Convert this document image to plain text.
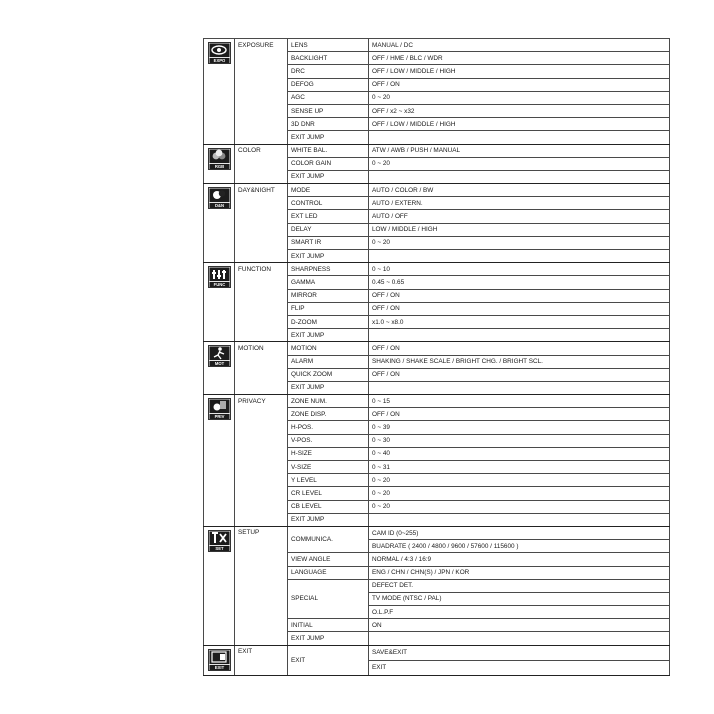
EXPO	EXPOSURE	LENS	MANUAL / DC
		BACKLIGHT	OFF / HME / BLC / WDR
		DRC	OFF / LOW / MIDDLE / HIGH
		DEFOG	OFF / ON
		AGC	0 ~ 20
		SENSE UP	OFF / x2 ~ x32
		3D DNR	OFF / LOW / MIDDLE / HIGH
		EXIT JUMP	

RGB	COLOR	WHITE BAL.	ATW / AWB / PUSH / MANUAL
		COLOR GAIN	0 ~ 20
		EXIT JUMP	

D&N	DAY&NIGHT	MODE	AUTO / COLOR / BW
		CONTROL	AUTO / EXTERN.
		EXT LED	AUTO / OFF
		DELAY	LOW / MIDDLE / HIGH
		SMART IR	0 ~ 20
		EXIT JUMP	

FUNC	FUNCTION	SHARPNESS	0 ~ 10
		GAMMA	0.45 ~ 0.65
		MIRROR	OFF / ON
		FLIP	OFF / ON
		D-ZOOM	x1.0 ~ x8.0
		EXIT JUMP	

MOT	MOTION	MOTION	OFF / ON
		ALARM	SHAKING / SHAKE SCALE / BRIGHT CHG. / BRIGHT SCL.
		QUICK ZOOM	OFF / ON
		EXIT JUMP	

PRIV	PRIVACY	ZONE NUM.	0 ~ 15
		ZONE DISP.	OFF / ON
		H-POS.	0 ~ 39
		V-POS.	0 ~ 30
		H-SIZE	0 ~ 40
		V-SIZE	0 ~ 31
		Y LEVEL	0 ~ 20
		CR LEVEL	0 ~ 20
		CB LEVEL	0 ~ 20
		EXIT JUMP	

SET	SETUP	COMMUNICA.	CAM ID (0~255)
			BUADRATE ( 2400 / 4800 / 9600 / 57600 / 115600 )
		VIEW ANGLE	NORMAL / 4:3 / 16:9
		LANGUAGE	ENG / CHN / CHN(S) / JPN / KOR
		SPECIAL	DEFECT DET.
			TV MODE (NTSC / PAL)
			O.L.P.F
		INITIAL	ON
		EXIT JUMP	

EXIT	EXIT	EXIT	SAVE&EXIT
			EXIT
